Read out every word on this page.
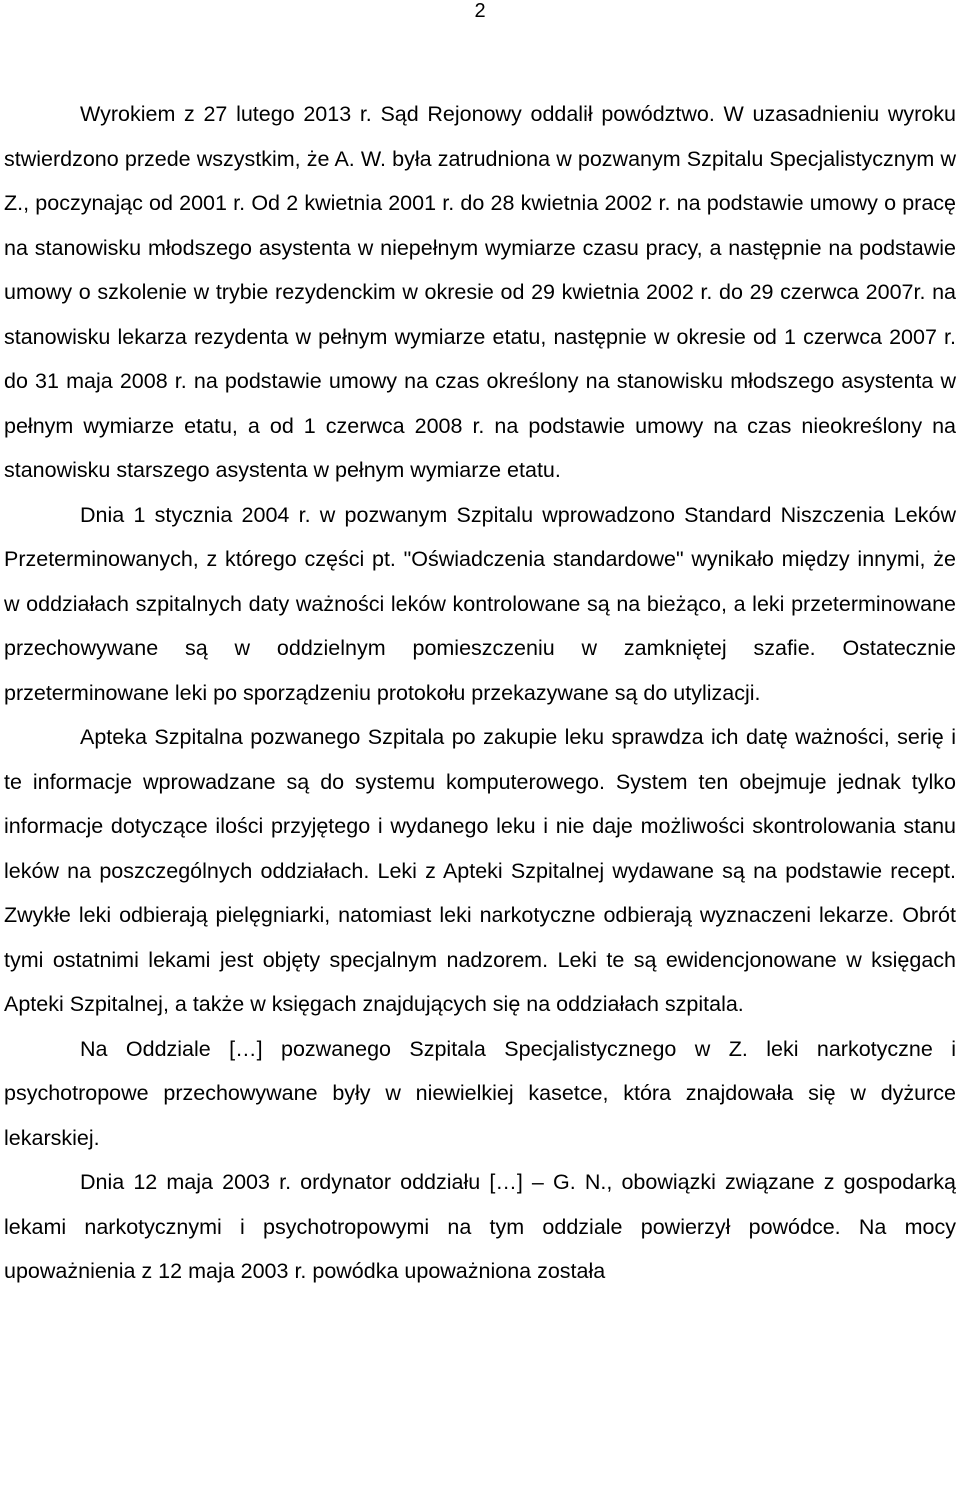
2

Wyrokiem z 27 lutego 2013 r. Sąd Rejonowy oddalił powództwo. W uzasadnieniu wyroku stwierdzono przede wszystkim, że A. W. była zatrudniona w pozwanym Szpitalu Specjalistycznym w Z., poczynając od 2001 r. Od 2 kwietnia 2001 r. do 28 kwietnia 2002 r. na podstawie umowy o pracę na stanowisku młodszego asystenta w niepełnym wymiarze czasu pracy, a następnie na podstawie umowy o szkolenie w trybie rezydenckim w okresie od 29 kwietnia 2002 r. do 29 czerwca 2007r. na stanowisku lekarza rezydenta w pełnym wymiarze etatu, następnie w okresie od 1 czerwca 2007 r. do 31 maja 2008 r. na podstawie umowy na czas określony na stanowisku młodszego asystenta w pełnym wymiarze etatu, a od 1 czerwca 2008 r. na podstawie umowy na czas nieokreślony na stanowisku starszego asystenta w pełnym wymiarze etatu.

Dnia 1 stycznia 2004 r. w pozwanym Szpitalu wprowadzono Standard Niszczenia Leków Przeterminowanych, z którego części pt. "Oświadczenia standardowe" wynikało między innymi, że w oddziałach szpitalnych daty ważności leków kontrolowane są na bieżąco, a leki przeterminowane przechowywane są w oddzielnym pomieszczeniu w zamkniętej szafie. Ostatecznie przeterminowane leki po sporządzeniu protokołu przekazywane są do utylizacji.

Apteka Szpitalna pozwanego Szpitala po zakupie leku sprawdza ich datę ważności, serię i te informacje wprowadzane są do systemu komputerowego. System ten obejmuje jednak tylko informacje dotyczące ilości przyjętego i wydanego leku i nie daje możliwości skontrolowania stanu leków na poszczególnych oddziałach. Leki z Apteki Szpitalnej wydawane są na podstawie recept. Zwykłe leki odbierają pielęgniarki, natomiast leki narkotyczne odbierają wyznaczeni lekarze. Obrót tymi ostatnimi lekami jest objęty specjalnym nadzorem. Leki te są ewidencjonowane w księgach Apteki Szpitalnej, a także w księgach znajdujących się na oddziałach szpitala.

Na Oddziale […] pozwanego Szpitala Specjalistycznego w Z. leki narkotyczne i psychotropowe przechowywane były w niewielkiej kasetce, która znajdowała się w dyżurce lekarskiej.

Dnia 12 maja 2003 r. ordynator oddziału […] – G. N., obowiązki związane z gospodarką lekami narkotycznymi i psychotropowymi na tym oddziale powierzył powódce. Na mocy upoważnienia z 12 maja 2003 r. powódka upoważniona została
